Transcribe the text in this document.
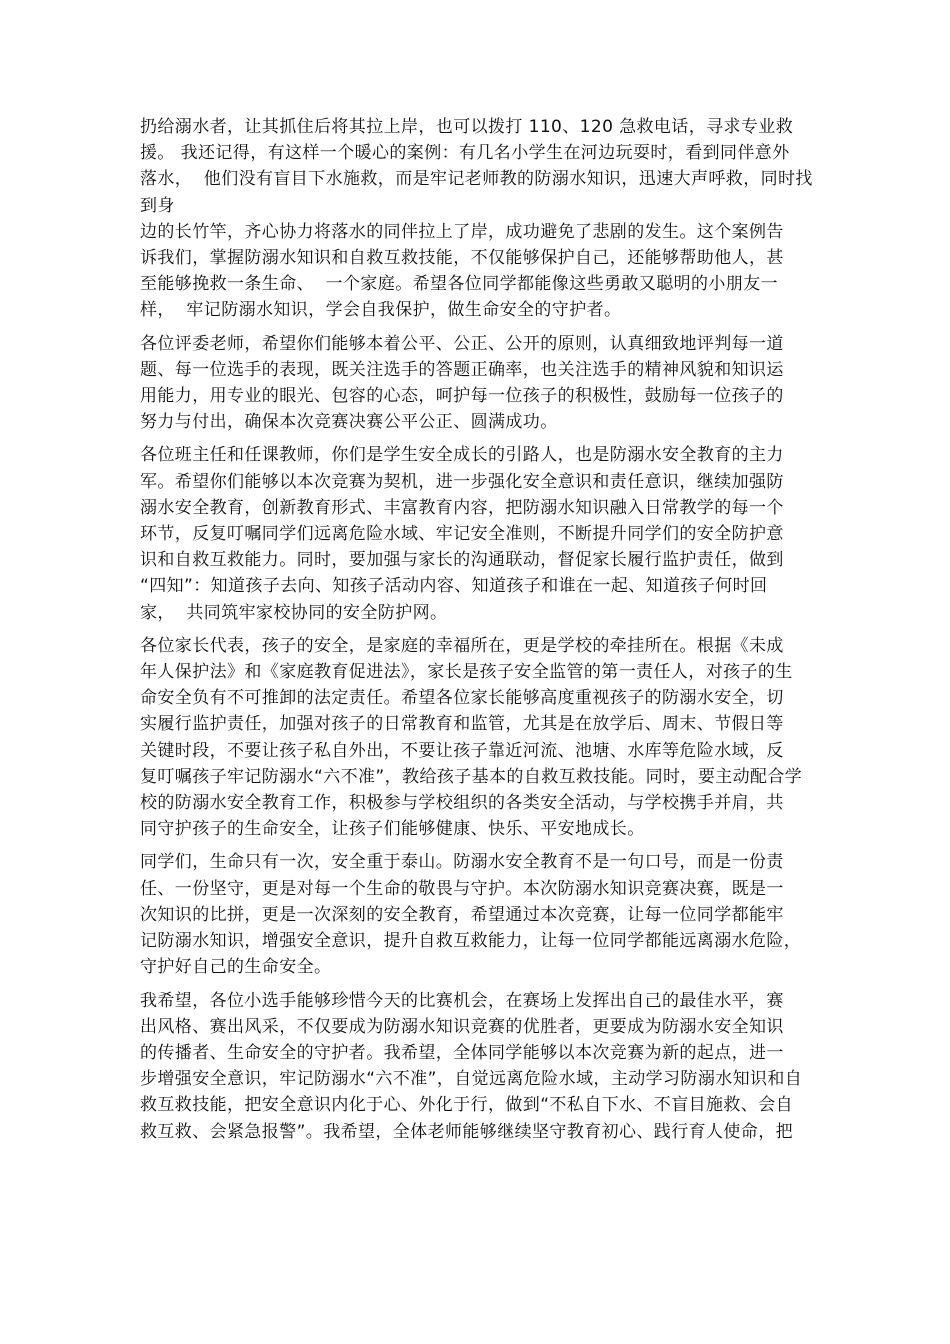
扔给溺水者，让其抓住后将其拉上岸，也可以拨打 110、120 急救电话，寻求专业救
援。 我还记得，有这样一个暖心的案例：有几名小学生在河边玩耍时，看到同伴意外
落水，  他们没有盲目下水施救，而是牢记老师教的防溺水知识，迅速大声呼救，同时找
到身
边的长竹竿，齐心协力将落水的同伴拉上了岸，成功避免了悲剧的发生。这个案例告
诉我们，掌握防溺水知识和自救互救技能，不仅能够保护自己，还能够帮助他人，甚
至能够挽救一条生命、  一个家庭。希望各位同学都能像这些勇敢又聪明的小朋友一
样，  牢记防溺水知识，学会自我保护，做生命安全的守护者。
各位评委老师，希望你们能够本着公平、公正、公开的原则，认真细致地评判每一道
题、每一位选手的表现，既关注选手的答题正确率，也关注选手的精神风貌和知识运
用能力，用专业的眼光、包容的心态，呵护每一位孩子的积极性，鼓励每一位孩子的
努力与付出，确保本次竞赛决赛公平公正、圆满成功。
各位班主任和任课教师，你们是学生安全成长的引路人，也是防溺水安全教育的主力
军。希望你们能够以本次竞赛为契机，进一步强化安全意识和责任意识，继续加强防
溺水安全教育，创新教育形式、丰富教育内容，把防溺水知识融入日常教学的每一个
环节，反复叮嘱同学们远离危险水域、牢记安全准则，不断提升同学们的安全防护意
识和自救互救能力。同时，要加强与家长的沟通联动，督促家长履行监护责任，做到
“四知”：知道孩子去向、知孩子活动内容、知道孩子和谁在一起、知道孩子何时回
家，  共同筑牢家校协同的安全防护网。
各位家长代表，孩子的安全，是家庭的幸福所在，更是学校的牵挂所在。根据《未成
年人保护法》和《家庭教育促进法》，家长是孩子安全监管的第一责任人，对孩子的生
命安全负有不可推卸的法定责任。希望各位家长能够高度重视孩子的防溺水安全，切
实履行监护责任，加强对孩子的日常教育和监管，尤其是在放学后、周末、节假日等
关键时段，不要让孩子私自外出，不要让孩子靠近河流、池塘、水库等危险水域，反
复叮嘱孩子牢记防溺水“六不准”，教给孩子基本的自救互救技能。同时，要主动配合学
校的防溺水安全教育工作，积极参与学校组织的各类安全活动，与学校携手并肩，共
同守护孩子的生命安全，让孩子们能够健康、快乐、平安地成长。
同学们，生命只有一次，安全重于泰山。防溺水安全教育不是一句口号，而是一份责
任、一份坚守，更是对每一个生命的敬畏与守护。本次防溺水知识竞赛决赛，既是一
次知识的比拼，更是一次深刻的安全教育，希望通过本次竞赛，让每一位同学都能牢
记防溺水知识，增强安全意识，提升自救互救能力，让每一位同学都能远离溺水危险，
守护好自己的生命安全。
我希望，各位小选手能够珍惜今天的比赛机会，在赛场上发挥出自己的最佳水平，赛
出风格、赛出风采，不仅要成为防溺水知识竞赛的优胜者，更要成为防溺水安全知识
的传播者、生命安全的守护者。我希望，全体同学能够以本次竞赛为新的起点，进一
步增强安全意识，牢记防溺水“六不准”，自觉远离危险水域，主动学习防溺水知识和自
救互救技能，把安全意识内化于心、外化于行，做到“不私自下水、不盲目施救、会自
救互救、会紧急报警”。我希望，全体老师能够继续坚守教育初心、践行育人使命，把
